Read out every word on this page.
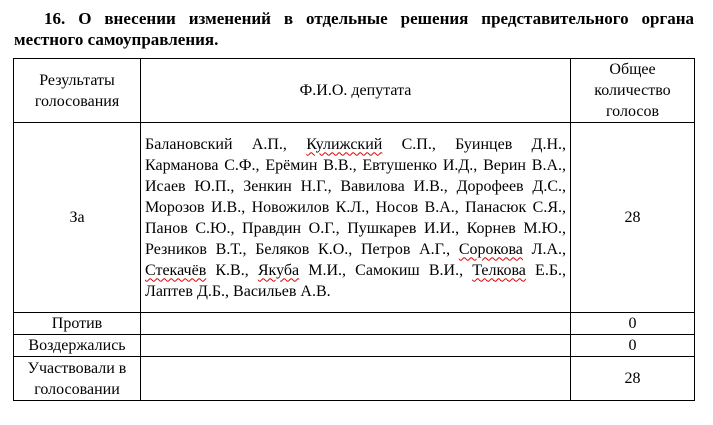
16. О внесении изменений в отдельные решения представительного органа местного самоуправления.

Результаты голосования	Ф.И.О. депутата	Общее количество голосов
За	Балановский А.П., Кулижский С.П., Буинцев Д.Н., Карманова С.Ф., Ерёмин В.В., Евтушенко И.Д., Верин В.А., Исаев Ю.П., Зенкин Н.Г., Вавилова И.В., Дорофеев Д.С., Морозов И.В., Новожилов К.Л., Носов В.А., Панасюк С.Я., Панов С.Ю., Правдин О.Г., Пушкарев И.И., Корнев М.Ю., Резников В.Т., Беляков К.О., Петров А.Г., Сорокова Л.А., Стекачёв К.В., Якуба М.И., Самокиш В.И., Телкова Е.Б., Лаптев Д.Б., Васильев А.В.	28
Против		0
Воздержались		0
Участвовали в голосовании		28
